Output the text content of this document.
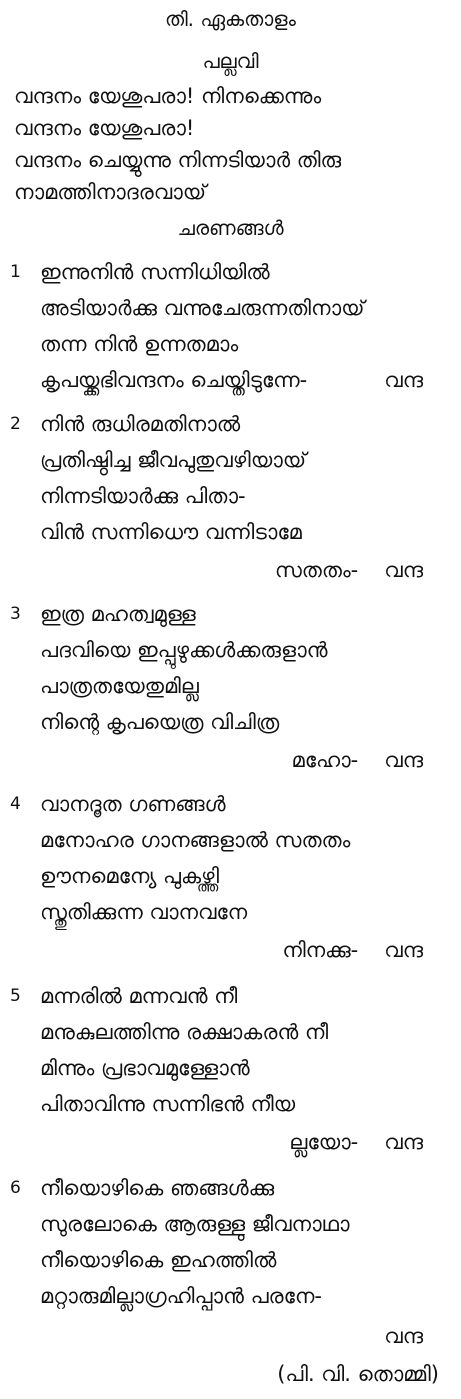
തി. ഏകതാളം
പല്ലവി
വന്ദനം യേശുപരാ! നിനക്കെന്നും
വന്ദനം യേശുപരാ!
വന്ദനം ചെയ്യുന്നു നിന്നടിയാർ തിരു
നാമത്തിനാദരവായ്
ചരണങ്ങൾ
1 ഇന്നുനിൻ സന്നിധിയിൽ
അടിയാർക്കു വന്നുചേരുന്നതിനായ്
തന്ന നിൻ ഉന്നതമാം
കൃപയ്ക്കഭിവന്ദനം ചെയ്തിടുന്നേ-	വന്ദ
2 നിൻ രുധിരമതിനാൽ
പ്രതിഷ്ഠിച്ച ജീവപുതുവഴിയായ്
നിന്നടിയാർക്കു പിതാ-
വിൻ സന്നിധൌ വന്നിടാമേ
സതതം- വന്ദ
3 ഇത്ര മഹത്വമുള്ള
പദവിയെ ഇപ്പുഴുക്കൾക്കരുളാൻ
പാത്രതയേതുമില്ല
നിന്റെ കൃപയെത്ര വിചിത്ര
മഹോ- വന്ദ
4 വാനദൂത ഗണങ്ങൾ
മനോഹര ഗാനങ്ങളാൽ സതതം
ഊനമെന്യേ പുകഴ്ത്തി
സ്തുതിക്കുന്ന വാനവനേ
നിനക്കു- വന്ദ
5 മന്നരിൽ മന്നവൻ നീ
മനുകുലത്തിന്നു രക്ഷാകരൻ നീ
മിന്നും പ്രഭാവമുള്ളോൻ
പിതാവിന്നു സന്നിഭൻ നീയ
ല്ലയോ- വന്ദ
6 നീയൊഴികെ ഞങ്ങൾക്കു
സുരലോകെ ആരുള്ളു ജീവനാഥാ
നീയൊഴികെ ഇഹത്തിൽ
മറ്റാരുമില്ലാഗ്രഹിപ്പാൻ പരനേ-
വന്ദ
(പി. വി. തൊമ്മി)
